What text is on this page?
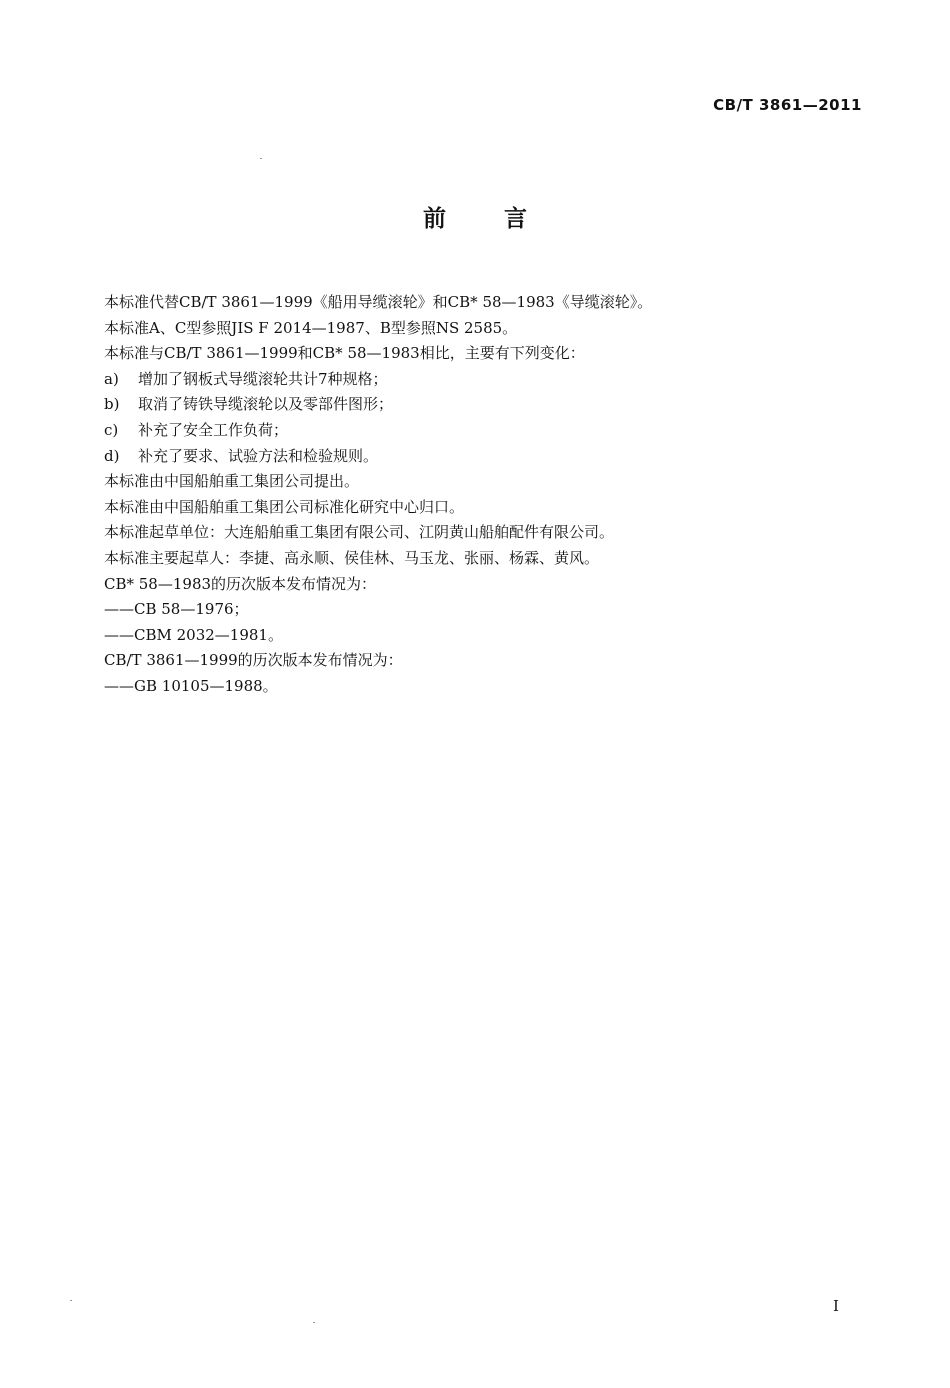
CB/T 3861—2011
前言
本标准代替CB/T 3861—1999《船用导缆滚轮》和CB* 58—1983《导缆滚轮》。
本标准A、C型参照JIS F 2014—1987、B型参照NS 2585。
本标准与CB/T 3861—1999和CB* 58—1983相比，主要有下列变化：
a) 增加了钢板式导缆滚轮共计7种规格；
b) 取消了铸铁导缆滚轮以及零部件图形；
c) 补充了安全工作负荷；
d) 补充了要求、试验方法和检验规则。
本标准由中国船舶重工集团公司提出。
本标准由中国船舶重工集团公司标准化研究中心归口。
本标准起草单位：大连船舶重工集团有限公司、江阴黄山船舶配件有限公司。
本标准主要起草人：李捷、高永顺、侯佳林、马玉龙、张丽、杨霖、黄风。
CB* 58—1983的历次版本发布情况为：
——CB 58—1976；
——CBM 2032—1981。
CB/T 3861—1999的历次版本发布情况为：
——GB 10105—1988。
I
